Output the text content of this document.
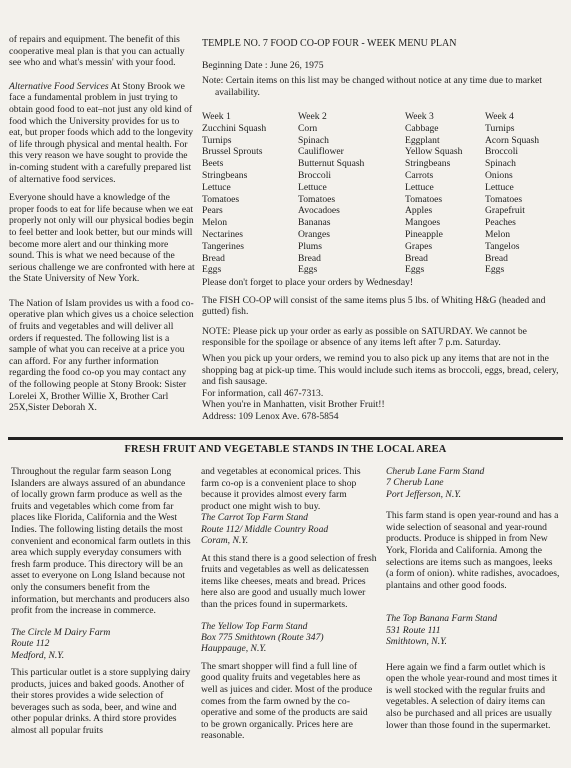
of repairs and equipment. The benefit of this cooperative meal plan is that you can actually see who and what's messin' with your food.

Alternative Food Services At Stony Brook we face a fundamental problem in just trying to obtain good food to eat–not just any old kind of food which the University provides for us to eat, but proper foods which add to the longevity of life through physical and mental health. For this very reason we have sought to provide the in-coming student with a carefully prepared list of alternative food services.

Everyone should have a knowledge of the proper foods to eat for life because when we eat properly not only will our physical bodies begin to feel better and look better, but our minds will become more alert and our thinking more sound. This is what we need because of the serious challenge we are confronted with here at the State University of New York.

The Nation of Islam provides us with a food co-operative plan which gives us a choice selection of fruits and vegetables and will deliver all orders if requested. The following list is a sample of what you can receive at a price you can afford. For any further information regarding the food co-op you may contact any of the following people at Stony Brook: Sister Lorelei X, Brother Willie X, Brother Carl 25X,Sister Deborah X.

TEMPLE NO. 7 FOOD CO-OP FOUR - WEEK MENU PLAN

Beginning Date : June 26, 1975

Note: Certain items on this list may be changed without notice at any time due to market availability.

Week 1
Zucchini Squash
Turnips
Brussel Sprouts
Beets
Stringbeans
Lettuce
Tomatoes
Pears
Melon
Nectarines
Tangerines
Bread
Eggs
Week 2
Corn
Spinach
Cauliflower
Butternut Squash
Broccoli
Lettuce
Tomatoes
Avocadoes
Bananas
Oranges
Plums
Bread
Eggs
Week 3
Cabbage
Eggplant
Yellow Squash
Stringbeans
Carrots
Lettuce
Tomatoes
Apples
Mangoes
Pineapple
Grapes
Bread
Eggs
Week 4
Turnips
Acorn Squash
Broccoli
Spinach
Onions
Lettuce
Tomatoes
Grapefruit
Peaches
Melon
Tangelos
Bread
Eggs

Please don't forget to place your orders by Wednesday!

The FISH CO-OP will consist of the same items plus 5 lbs. of Whiting H&G (headed and gutted) fish.

NOTE: Please pick up your order as early as possible on SATURDAY. We cannot be responsible for the spoilage or absence of any items left after 7 p.m. Saturday.

When you pick up your orders, we remind you to also pick up any items that are not in the shopping bag at pick-up time. This would include such items as broccoli, eggs, bread, celery, and fish sausage.

For information, call 467-7313.

When you're in Manhatten, visit Brother Fruit!!

Address: 109 Lenox Ave. 678-5854

FRESH FRUIT AND VEGETABLE STANDS IN THE LOCAL AREA

Throughout the regular farm season Long Islanders are always assured of an abundance of locally grown farm produce as well as the fruits and vegetables which come from far places like Florida, California and the West Indies. The following listing details the most convenient and economical farm outlets in this area which supply everyday consumers with fresh farm produce. This directory will be an asset to everyone on Long Island because not only the consumers benefit from the information, but merchants and producers also profit from the increase in commerce.

The Circle M Dairy Farm
Route 112
Medford, N.Y.

This particular outlet is a store supplying dairy products, juices and baked goods. Another of their stores provides a wide selection of beverages such as soda, beer, and wine and other popular drinks. A third store provides almost all popular fruits

and vegetables at economical prices. This farm co-op is a convenient place to shop because it provides almost every farm product one might wish to buy.

The Carrot Top Farm Stand
Route 112/ Middle Country Road
Coram, N.Y.

At this stand there is a good selection of fresh fruits and vegetables as well as delicatessen items like cheeses, meats and bread. Prices here also are good and usually much lower than the prices found in supermarkets.

The Yellow Top Farm Stand
Box 775 Smithtown (Route 347)
Hauppauge, N.Y.

The smart shopper will find a full line of good quality fruits and vegetables here as well as juices and cider. Most of the produce comes from the farm owned by the co-operative and some of the products are said to be grown organically. Prices here are reasonable.

Cherub Lane Farm Stand
7 Cherub Lane
Port Jefferson, N.Y.

This farm stand is open year-round and has a wide selection of seasonal and year-round products. Produce is shipped in from New York, Florida and California. Among the selections are items such as mangoes, leeks (a form of onion). white radishes, avocadoes, plantains and other good foods.

The Top Banana Farm Stand
531 Route 111
Smithtown, N.Y.

Here again we find a farm outlet which is open the whole year-round and most times it is well stocked with the regular fruits and vegetables. A selection of dairy items can also be purchased and all prices are usually lower than those found in the supermarket.
